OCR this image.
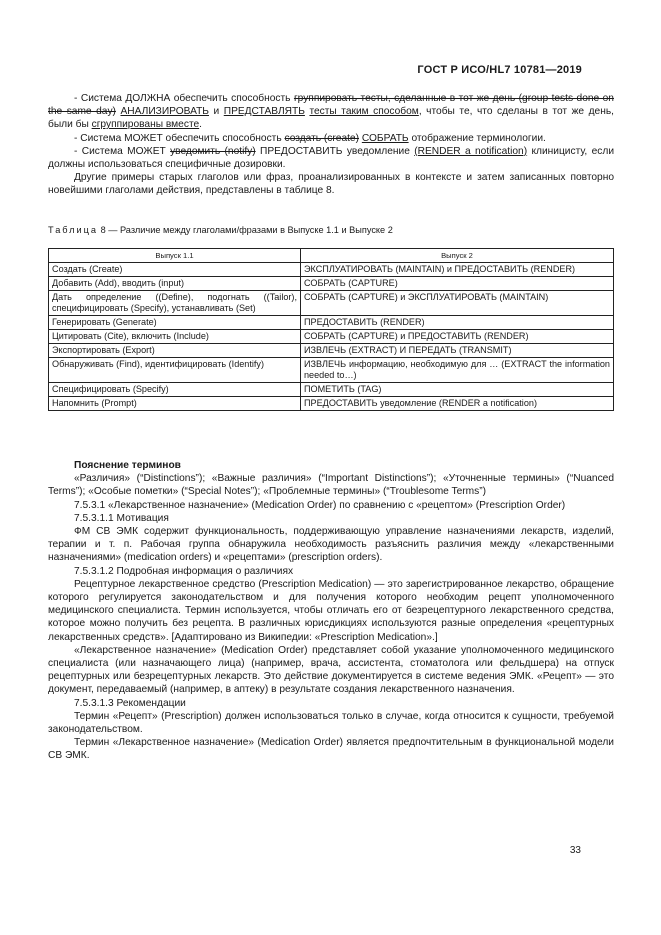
ГОСТ Р ИСО/HL7 10781—2019

- Система ДОЛЖНА обеспечить способность группировать тесты, сделанные в тот же день (group tests done on the same day) АНАЛИЗИРОВАТЬ и ПРЕДСТАВЛЯТЬ тесты таким способом, чтобы те, что сделаны в тот же день, были бы сгруппированы вместе.

- Система МОЖЕТ обеспечить способность создать (create) СОБРАТЬ отображение терминологии.

- Система МОЖЕТ уведомить (notify) ПРЕДОСТАВИТЬ уведомление (RENDER a notification) клиницисту, если должны использоваться специфичные дозировки.

Другие примеры старых глаголов или фраз, проанализированных в контексте и затем записанных повторно новейшими глаголами действия, представлены в таблице 8.

Таблица 8 — Различие между глаголами/фразами в Выпуске 1.1 и Выпуске 2
Выпуск 1.1	Выпуск 2
Создать (Create)	ЭКСПЛУАТИРОВАТЬ (MAINTAIN) и ПРЕДОСТАВИТЬ (RENDER)
Добавить (Add), вводить (input)	СОБРАТЬ (CAPTURE)
Дать определение ((Define), подогнать ((Tailor), специфицировать (Specify), устанавливать (Set)	СОБРАТЬ (CAPTURE) и ЭКСПЛУАТИРОВАТЬ (MAINTAIN)
Генерировать (Generate)	ПРЕДОСТАВИТЬ (RENDER)
Цитировать (Cite), включить (Include)	СОБРАТЬ (CAPTURE) и ПРЕДОСТАВИТЬ (RENDER)
Экспортировать (Export)	ИЗВЛЕЧЬ (EXTRACT) И ПЕРЕДАТЬ (TRANSMIT)
Обнаруживать (Find), идентифицировать (Identify)	ИЗВЛЕЧЬ информацию, необходимую для … (EXTRACT the information needed to…)
Специфицировать (Specify)	ПОМЕТИТЬ (TAG)
Напомнить (Prompt)	ПРЕДОСТАВИТЬ уведомление (RENDER a notification)

Пояснение терминов

«Различия» (“Distinctions”); «Важные различия» (“Important Distinctions”); «Уточненные термины» (“Nuanced Terms”); «Особые пометки» (“Special Notes”); «Проблемные термины» (“Troublesome Terms”)

7.5.3.1 «Лекарственное назначение» (Medication Order) по сравнению с «рецептом» (Prescription Order)

7.5.3.1.1 Мотивация

ФМ СВ ЭМК содержит функциональность, поддерживающую управление назначениями лекарств, изделий, терапии и т. п. Рабочая группа обнаружила необходимость разъяснить различия между «лекарственными назначениями» (medication orders) и «рецептами» (prescription orders).

7.5.3.1.2 Подробная информация о различиях

Рецептурное лекарственное средство (Prescription Medication) — это зарегистрированное лекарство, обращение которого регулируется законодательством и для получения которого необходим рецепт уполномоченного медицинского специалиста. Термин используется, чтобы отличать его от безрецептурного лекарственного средства, которое можно получить без рецепта. В различных юрисдикциях используются разные определения «рецептурных лекарственных средств». [Адаптировано из Википедии: «Prescription Medication».]

«Лекарственное назначение» (Medication Order) представляет собой указание уполномоченного медицинского специалиста (или назначающего лица) (например, врача, ассистента, стоматолога или фельдшера) на отпуск рецептурных или безрецептурных лекарств. Это действие документируется в системе ведения ЭМК. «Рецепт» — это документ, передаваемый (например, в аптеку) в результате создания лекарственного назначения.

7.5.3.1.3 Рекомендации

Термин «Рецепт» (Prescription) должен использоваться только в случае, когда относится к сущности, требуемой законодательством.

Термин «Лекарственное назначение» (Medication Order) является предпочтительным в функциональной модели СВ ЭМК.

33
